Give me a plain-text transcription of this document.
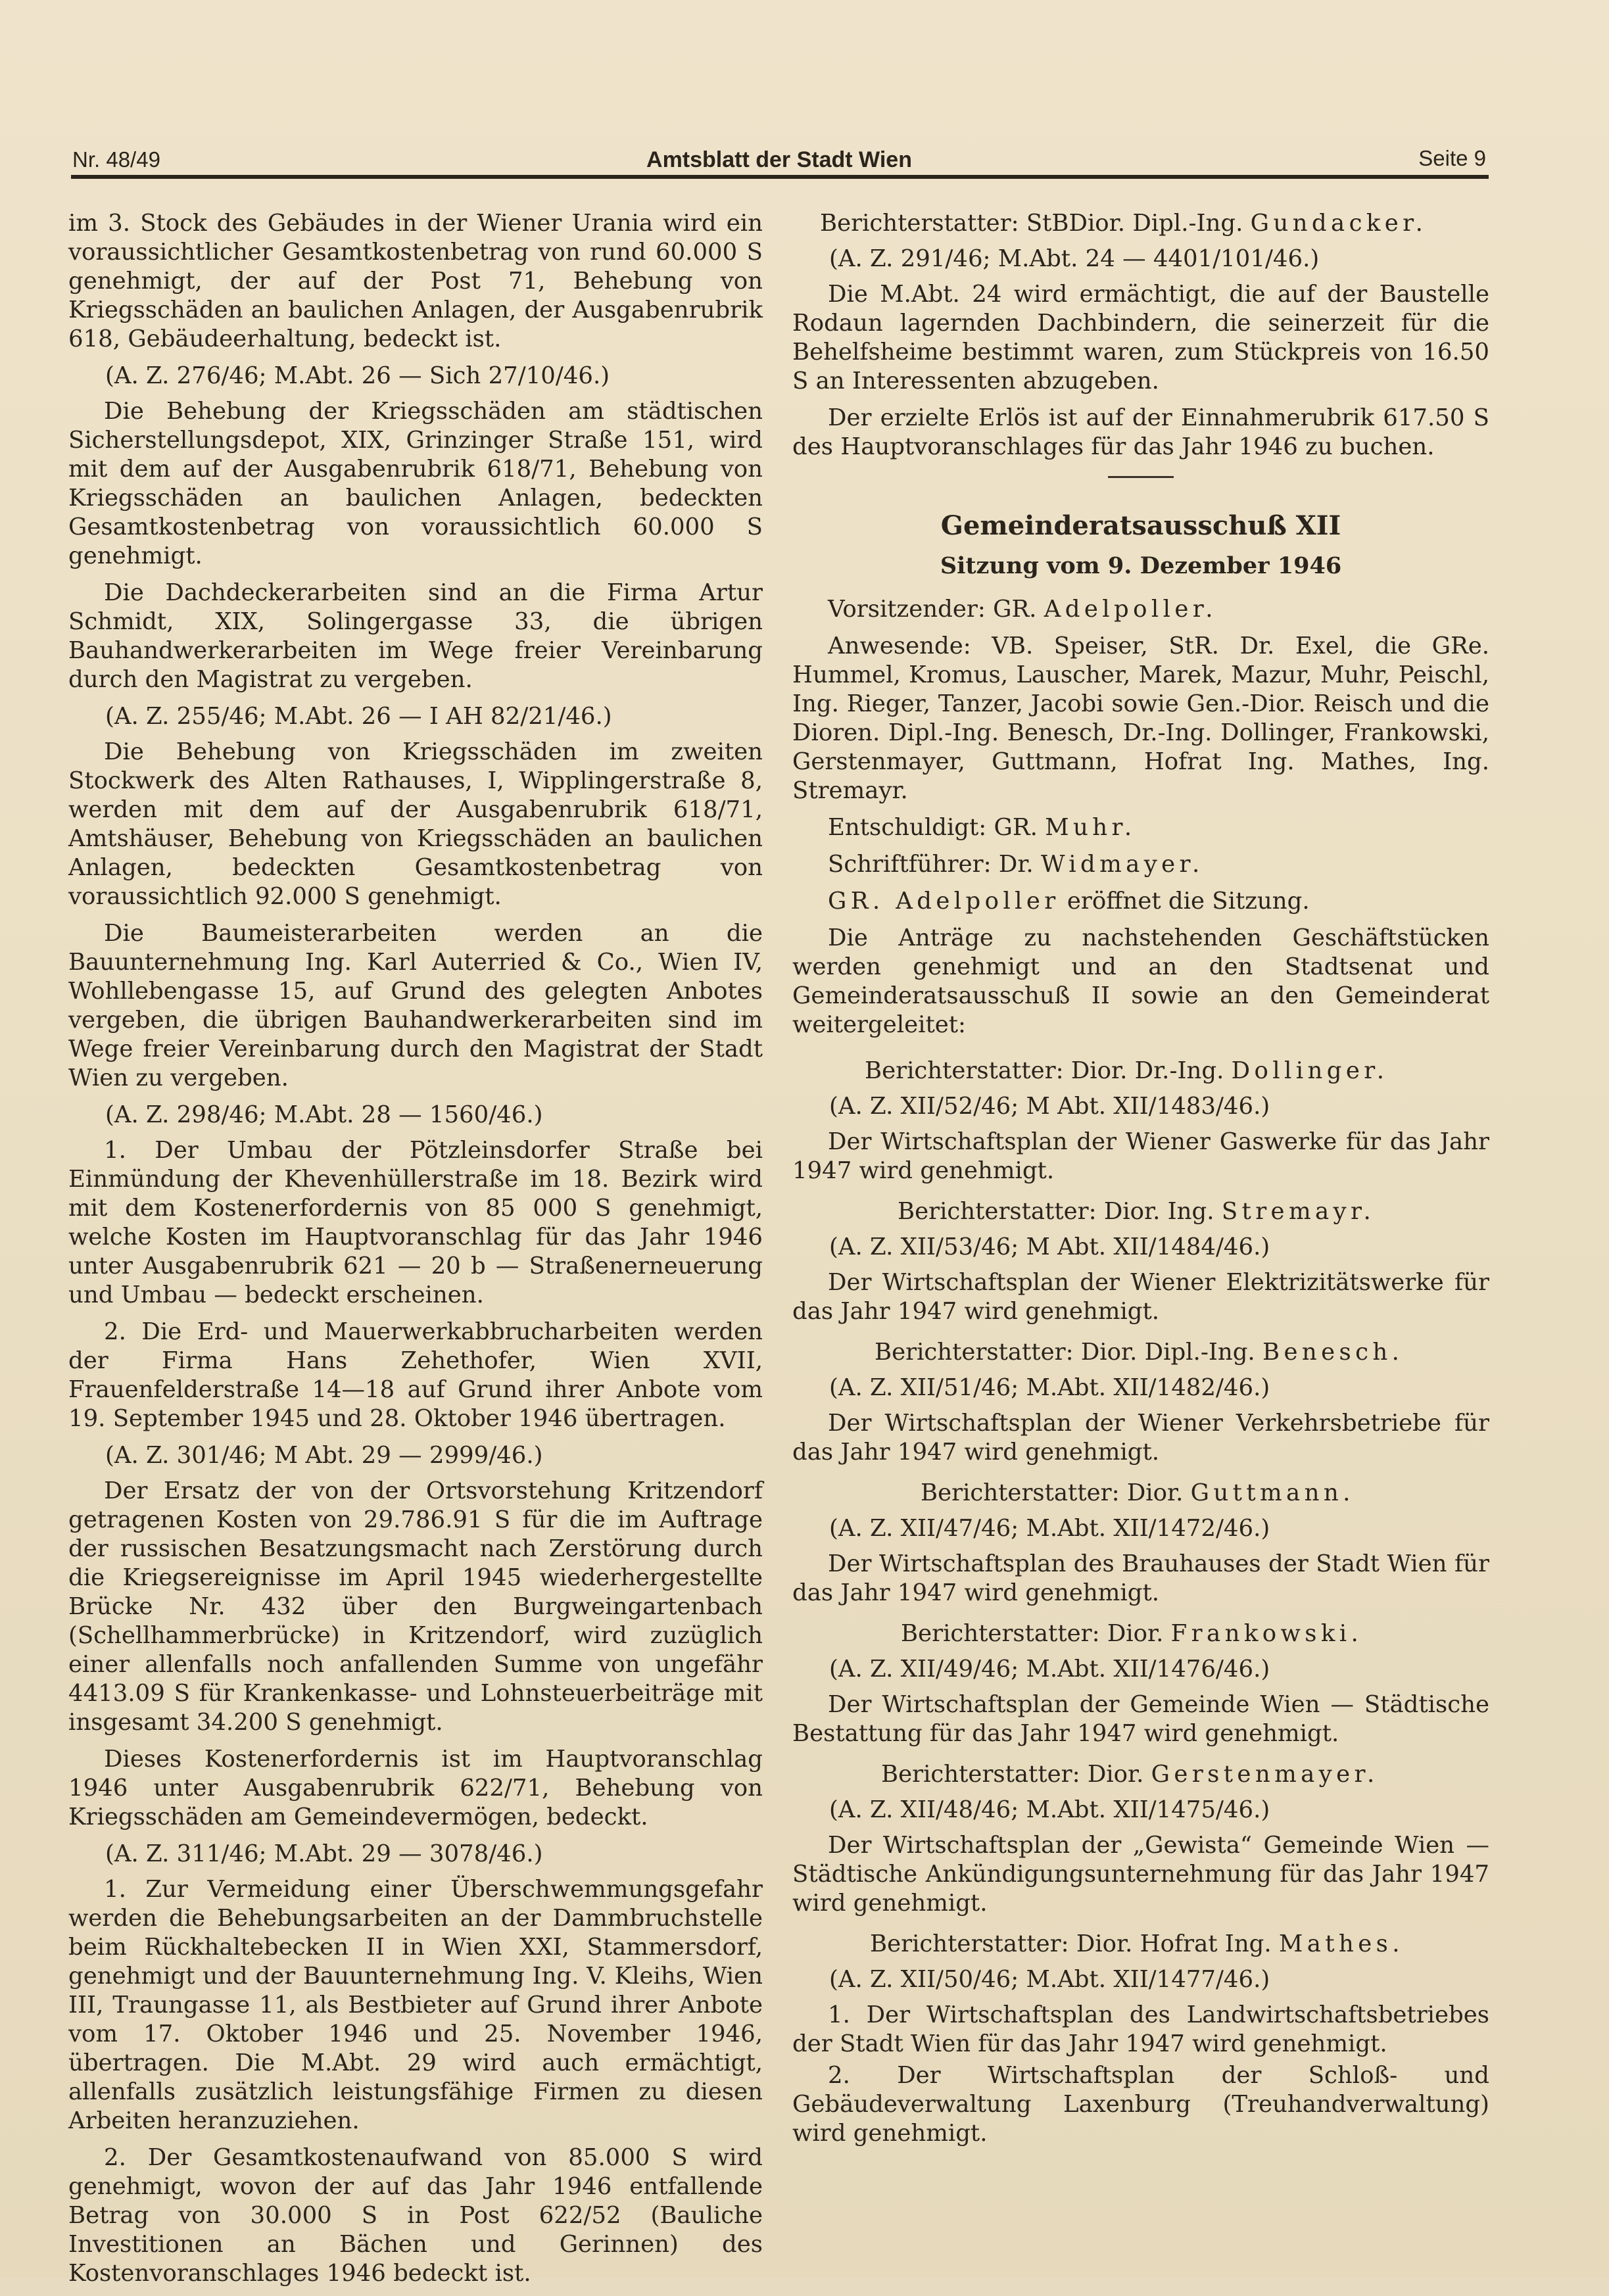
Nr. 48/49	Amtsblatt der Stadt Wien	Seite 9

im 3. Stock des Gebäudes in der Wiener Urania wird ein voraussichtlicher Gesamtkostenbetrag von rund 60.000 S genehmigt, der auf der Post 71, Behebung von Kriegsschäden an baulichen Anlagen, der Ausgabenrubrik 618, Gebäudeerhaltung, bedeckt ist.

(A. Z. 276/46; M.Abt. 26 — Sich 27/10/46.)

Die Behebung der Kriegsschäden am städtischen Sicherstellungsdepot, XIX, Grinzinger Straße 151, wird mit dem auf der Ausgabenrubrik 618/71, Behebung von Kriegsschäden an baulichen Anlagen, bedeckten Gesamtkostenbetrag von voraussichtlich 60.000 S genehmigt.

Die Dachdeckerarbeiten sind an die Firma Artur Schmidt, XIX, Solingergasse 33, die übrigen Bauhandwerkerarbeiten im Wege freier Vereinbarung durch den Magistrat zu vergeben.

(A. Z. 255/46; M.Abt. 26 — I AH 82/21/46.)

Die Behebung von Kriegsschäden im zweiten Stockwerk des Alten Rathauses, I, Wipplingerstraße 8, werden mit dem auf der Ausgabenrubrik 618/71, Amtshäuser, Behebung von Kriegsschäden an baulichen Anlagen, bedeckten Gesamtkostenbetrag von voraussichtlich 92.000 S genehmigt.

Die Baumeisterarbeiten werden an die Bauunternehmung Ing. Karl Auterried & Co., Wien IV, Wohllebengasse 15, auf Grund des gelegten Anbotes vergeben, die übrigen Bauhandwerkerarbeiten sind im Wege freier Vereinbarung durch den Magistrat der Stadt Wien zu vergeben.

(A. Z. 298/46; M.Abt. 28 — 1560/46.)

1. Der Umbau der Pötzleinsdorfer Straße bei Einmündung der Khevenhüllerstraße im 18. Bezirk wird mit dem Kostenerfordernis von 85 000 S genehmigt, welche Kosten im Hauptvoranschlag für das Jahr 1946 unter Ausgabenrubrik 621 — 20 b — Straßenerneuerung und Umbau — bedeckt erscheinen.

2. Die Erd- und Mauerwerkabbrucharbeiten werden der Firma Hans Zehethofer, Wien XVII, Frauenfelderstraße 14—18 auf Grund ihrer Anbote vom 19. September 1945 und 28. Oktober 1946 übertragen.

(A. Z. 301/46; M Abt. 29 — 2999/46.)

Der Ersatz der von der Ortsvorstehung Kritzendorf getragenen Kosten von 29.786.91 S für die im Auftrage der russischen Besatzungsmacht nach Zerstörung durch die Kriegsereignisse im April 1945 wiederhergestellte Brücke Nr. 432 über den Burgweingartenbach (Schellhammerbrücke) in Kritzendorf, wird zuzüglich einer allenfalls noch anfallenden Summe von ungefähr 4413.09 S für Krankenkasse- und Lohnsteuerbeiträge mit insgesamt 34.200 S genehmigt.

Dieses Kostenerfordernis ist im Hauptvoranschlag 1946 unter Ausgabenrubrik 622/71, Behebung von Kriegsschäden am Gemeindevermögen, bedeckt.

(A. Z. 311/46; M.Abt. 29 — 3078/46.)

1. Zur Vermeidung einer Überschwemmungsgefahr werden die Behebungsarbeiten an der Dammbruchstelle beim Rückhaltebecken II in Wien XXI, Stammersdorf, genehmigt und der Bauunternehmung Ing. V. Kleihs, Wien III, Traungasse 11, als Bestbieter auf Grund ihrer Anbote vom 17. Oktober 1946 und 25. November 1946, übertragen. Die M.Abt. 29 wird auch ermächtigt, allenfalls zusätzlich leistungsfähige Firmen zu diesen Arbeiten heranzuziehen.

2. Der Gesamtkostenaufwand von 85.000 S wird genehmigt, wovon der auf das Jahr 1946 entfallende Betrag von 30.000 S in Post 622/52 (Bauliche Investitionen an Bächen und Gerinnen) des Kostenvoranschlages 1946 bedeckt ist.

Berichterstatter: StBDior. Dipl.-Ing. Gundacker.

(A. Z. 291/46; M.Abt. 24 — 4401/101/46.)

Die M.Abt. 24 wird ermächtigt, die auf der Baustelle Rodaun lagernden Dachbindern, die seinerzeit für die Behelfsheime bestimmt waren, zum Stückpreis von 16.50 S an Interessenten abzugeben.

Der erzielte Erlös ist auf der Einnahmerubrik 617.50 S des Hauptvoranschlages für das Jahr 1946 zu buchen.

Gemeinderatsausschuß XII
Sitzung vom 9. Dezember 1946

Vorsitzender: GR. Adelpoller.

Anwesende: VB. Speiser, StR. Dr. Exel, die GRe. Hummel, Kromus, Lauscher, Marek, Mazur, Muhr, Peischl, Ing. Rieger, Tanzer, Jacobi sowie Gen.-Dior. Reisch und die Dioren. Dipl.-Ing. Benesch, Dr.-Ing. Dollinger, Frankowski, Gerstenmayer, Guttmann, Hofrat Ing. Mathes, Ing. Stremayr.

Entschuldigt: GR. Muhr.

Schriftführer: Dr. Widmayer.

GR. Adelpoller eröffnet die Sitzung.

Die Anträge zu nachstehenden Geschäftstücken werden genehmigt und an den Stadtsenat und Gemeinderatsausschuß II sowie an den Gemeinderat weitergeleitet:

Berichterstatter: Dior. Dr.-Ing. Dollinger.

(A. Z. XII/52/46; M Abt. XII/1483/46.)

Der Wirtschaftsplan der Wiener Gaswerke für das Jahr 1947 wird genehmigt.

Berichterstatter: Dior. Ing. Stremayr.

(A. Z. XII/53/46; M Abt. XII/1484/46.)

Der Wirtschaftsplan der Wiener Elektrizitätswerke für das Jahr 1947 wird genehmigt.

Berichterstatter: Dior. Dipl.-Ing. Benesch.

(A. Z. XII/51/46; M.Abt. XII/1482/46.)

Der Wirtschaftsplan der Wiener Verkehrsbetriebe für das Jahr 1947 wird genehmigt.

Berichterstatter: Dior. Guttmann.

(A. Z. XII/47/46; M.Abt. XII/1472/46.)

Der Wirtschaftsplan des Brauhauses der Stadt Wien für das Jahr 1947 wird genehmigt.

Berichterstatter: Dior. Frankowski.

(A. Z. XII/49/46; M.Abt. XII/1476/46.)

Der Wirtschaftsplan der Gemeinde Wien — Städtische Bestattung für das Jahr 1947 wird genehmigt.

Berichterstatter: Dior. Gerstenmayer.

(A. Z. XII/48/46; M.Abt. XII/1475/46.)

Der Wirtschaftsplan der „Gewista“ Gemeinde Wien — Städtische Ankündigungsunternehmung für das Jahr 1947 wird genehmigt.

Berichterstatter: Dior. Hofrat Ing. Mathes.

(A. Z. XII/50/46; M.Abt. XII/1477/46.)

1. Der Wirtschaftsplan des Landwirtschaftsbetriebes der Stadt Wien für das Jahr 1947 wird genehmigt.

2. Der Wirtschaftsplan der Schloß- und Gebäudeverwaltung Laxenburg (Treuhandverwaltung) wird genehmigt.
